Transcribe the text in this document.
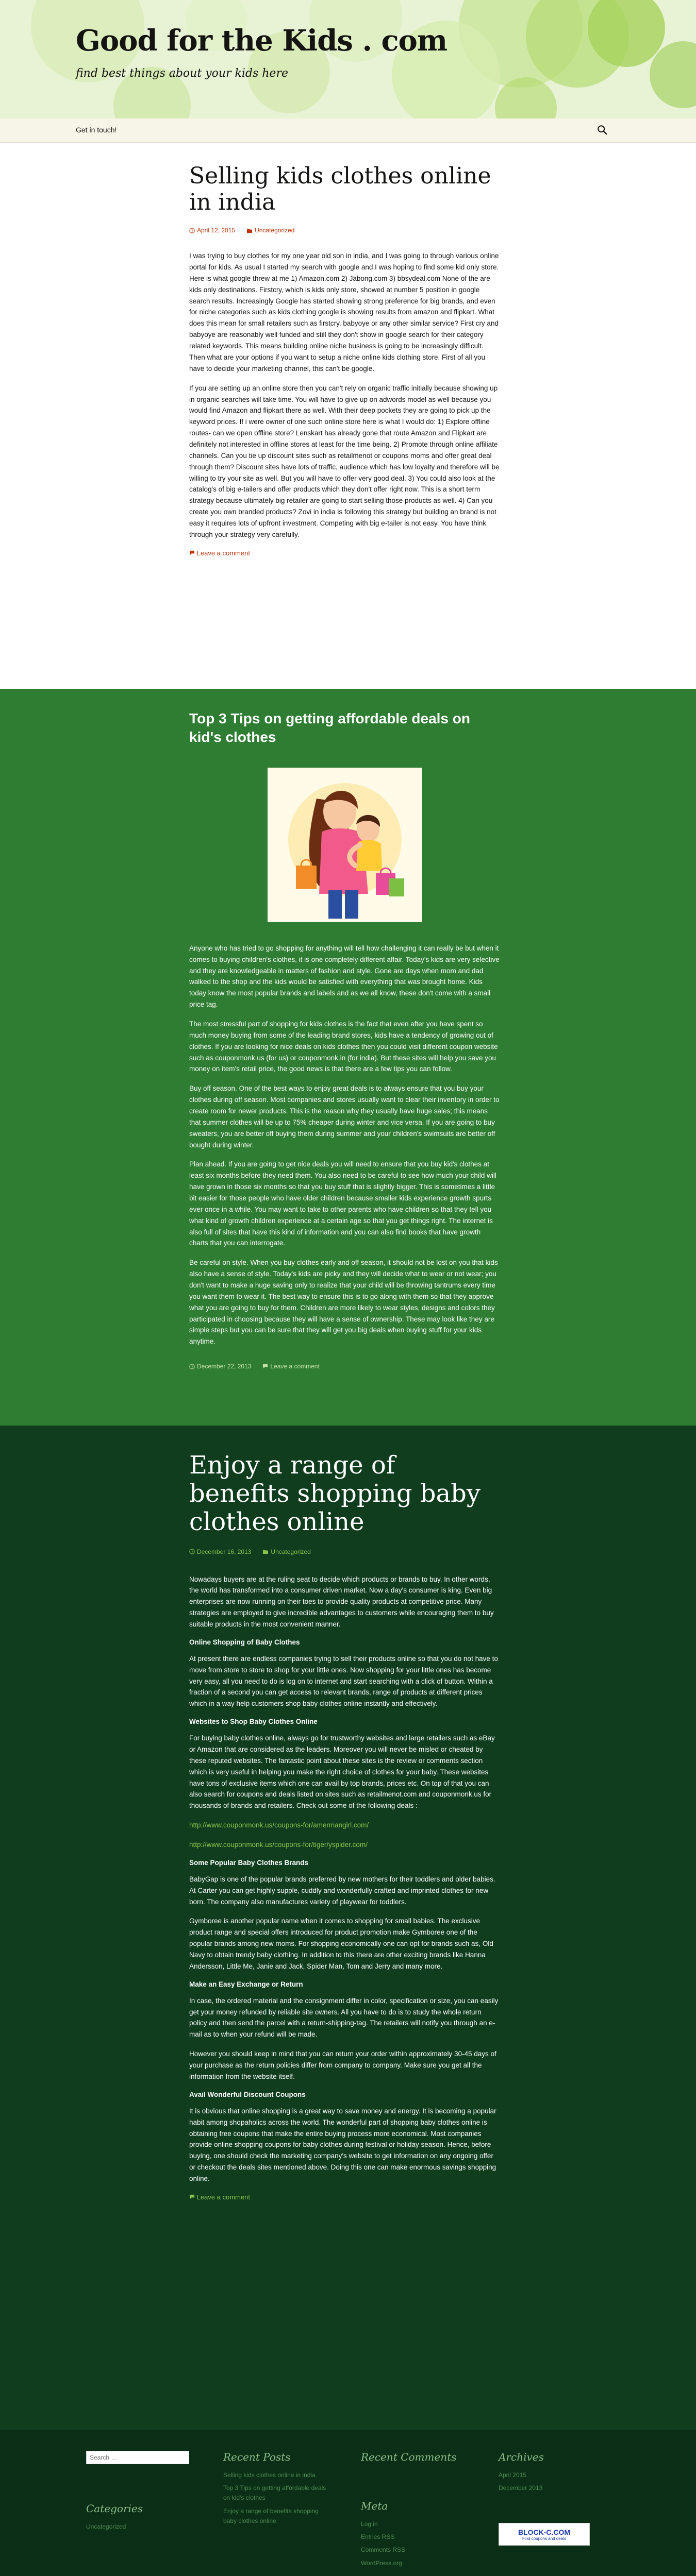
Good for the Kids . com

find best things about your kids here

Get in touch!
Selling kids clothes online in india
April 12, 2015	Uncategorized

I was trying to buy clothes for my one year old son in india, and I was going to through various online portal for kids. As usual I started my search with google and I was hoping to find some kid only store. Here is what google threw at me 1) Amazon.com 2) Jabong.com 3) bbsydeal.com None of the are kids only destinations. Firstcry, which is kids only store, showed at number 5 position in google search results. Increasingly Google has started showing strong preference for big brands, and even for niche categories such as kids clothing google is showing results from amazon and flipkart. What does this mean for small retailers such as firstcry, babyoye or any other similar service? First cry and babyoye are reasonably well funded and still they don't show in google search for their category related keywords. This means building online niche business is going to be increasingly difficult. Then what are your options if you want to setup a niche online kids clothing store. First of all you have to decide your marketing channel, this can't be google.

If you are setting up an online store then you can't rely on organic traffic initially because showing up in organic searches will take time. You will have to give up on adwords model as well because you would find Amazon and flipkart there as well. With their deep pockets they are going to pick up the keyword prices. If i were owner of one such online store here is what I would do: 1) Explore offline routes- can we open offline store? Lenskart has already gone that route Amazon and Flipkart are definitely not interested in offline stores at least for the time being. 2) Promote through online affiliate channels. Can you tie up discount sites such as retailmenot or coupons moms and offer great deal through them? Discount sites have lots of traffic, audience which has low loyalty and therefore will be willing to try your site as well. But you will have to offer very good deal. 3) You could also look at the catalog's of big e-tailers and offer products which they don't offer right now. This is a short term strategy because ultimately big retailer are going to start selling those products as well. 4) Can you create you own branded products? Zovi in india is following this strategy but building an brand is not easy it requires lots of upfront investment. Competing with big e-tailer is not easy. You have think through your strategy very carefully.

Leave a comment
Top 3 Tips on getting affordable deals on kid's clothes

Anyone who has tried to go shopping for anything will tell how challenging it can really be but when it comes to buying children's clothes, it is one completely different affair. Today's kids are very selective and they are knowledgeable in matters of fashion and style. Gone are days when mom and dad walked to the shop and the kids would be satisfied with everything that was brought home. Kids today know the most popular brands and labels and as we all know, these don't come with a small price tag.

The most stressful part of shopping for kids clothes is the fact that even after you have spent so much money buying from some of the leading brand stores, kids have a tendency of growing out of clothes. If you are looking for nice deals on kids clothes then you could visit different coupon website such as couponmonk.us (for us) or couponmonk.in (for india). But these sites will help you save you money on item's retail price, the good news is that there are a few tips you can follow.

Buy off season. One of the best ways to enjoy great deals is to always ensure that you buy your clothes during off season. Most companies and stores usually want to clear their inventory in order to create room for newer products. This is the reason why they usually have huge sales; this means that summer clothes will be up to 75% cheaper during winter and vice versa. If you are going to buy sweaters, you are better off buying them during summer and your children's swimsuits are better off bought during winter.

Plan ahead. If you are going to get nice deals you will need to ensure that you buy kid's clothes at least six months before they need them. You also need to be careful to see how much your child will have grown in those six months so that you buy stuff that is slightly bigger. This is sometimes a little bit easier for those people who have older children because smaller kids experience growth spurts ever once in a while. You may want to take to other parents who have children so that they tell you what kind of growth children experience at a certain age so that you get things right. The internet is also full of sites that have this kind of information and you can also find books that have growth charts that you can interrogate.

Be careful on style. When you buy clothes early and off season, it should not be lost on you that kids also have a sense of style. Today's kids are picky and they will decide what to wear or not wear; you don't want to make a huge saving only to realize that your child will be throwing tantrums every time you want them to wear it. The best way to ensure this is to go along with them so that they approve what you are going to buy for them. Children are more likely to wear styles, designs and colors they participated in choosing because they will have a sense of ownership. These may look like they are simple steps but you can be sure that they will get you big deals when buying stuff for your kids anytime.

December 22, 2013	Leave a comment
Enjoy a range of benefits shopping baby clothes online
December 16, 2013	Uncategorized

Nowadays buyers are at the ruling seat to decide which products or brands to buy. In other words, the world has transformed into a consumer driven market. Now a day's consumer is king. Even big enterprises are now running on their toes to provide quality products at competitive price. Many strategies are employed to give incredible advantages to customers while encouraging them to buy suitable products in the most convenient manner.

Online Shopping of Baby Clothes

At present there are endless companies trying to sell their products online so that you do not have to move from store to store to shop for your little ones. Now shopping for your little ones has become very easy, all you need to do is log on to internet and start searching with a click of button. Within a fraction of a second you can get access to relevant brands, range of products at different prices which in a way help customers shop baby clothes online instantly and effectively.

Websites to Shop Baby Clothes Online

For buying baby clothes online, always go for trustworthy websites and large retailers such as eBay or Amazon that are considered as the leaders. Moreover you will never be misled or cheated by these reputed websites. The fantastic point about these sites is the review or comments section which is very useful in helping you make the right choice of clothes for your baby. These websites have tons of exclusive items which one can avail by top brands, prices etc. On top of that you can also search for coupons and deals listed on sites such as retailmenot.com and couponmonk.us for thousands of brands and retailers. Check out some of the following deals :

http://www.couponmonk.us/coupons-for/amermangirl.com/

http://www.couponmonk.us/coupons-for/tiger/yspider.com/

Some Popular Baby Clothes Brands

BabyGap is one of the popular brands preferred by new mothers for their toddlers and older babies. At Carter you can get highly supple, cuddly and wonderfully crafted and imprinted clothes for new born. The company also manufactures variety of playwear for toddlers.

Gymboree is another popular name when it comes to shopping for small babies. The exclusive product range and special offers introduced for product promotion make Gymboree one of the popular brands among new moms. For shopping economically one can opt for brands such as, Old Navy to obtain trendy baby clothing. In addition to this there are other exciting brands like Hanna Andersson, Little Me, Janie and Jack, Spider Man, Tom and Jerry and many more.

Make an Easy Exchange or Return

In case, the ordered material and the consignment differ in color, specification or size, you can easily get your money refunded by reliable site owners. All you have to do is to study the whole return policy and then send the parcel with a return-shipping-tag. The retailers will notify you through an e-mail as to when your refund will be made.

However you should keep in mind that you can return your order within approximately 30-45 days of your purchase as the return policies differ from company to company. Make sure you get all the information from the website itself.

Avail Wonderful Discount Coupons

It is obvious that online shopping is a great way to save money and energy. It is becoming a popular habit among shopaholics across the world. The wonderful part of shopping baby clothes online is obtaining free coupons that make the entire buying process more economical. Most companies provide online shopping coupons for baby clothes during festival or holiday season. Hence, before buying, one should check the marketing company's website to get information on any ongoing offer or checkout the deals sites mentioned above. Doing this one can make enormous savings shopping online.

Leave a comment
Search …
Categories
Uncategorized
Recent Posts
Selling kids clothes online in india
Top 3 Tips on getting affordable deals on kid's clothes
Enjoy a range of benefits shopping baby clothes online
Recent Comments
Meta
Log in
Entries RSS
Comments RSS
WordPress.org
Archives
April 2015
December 2013
BLOCK-C.COM
Find coupons and deals
